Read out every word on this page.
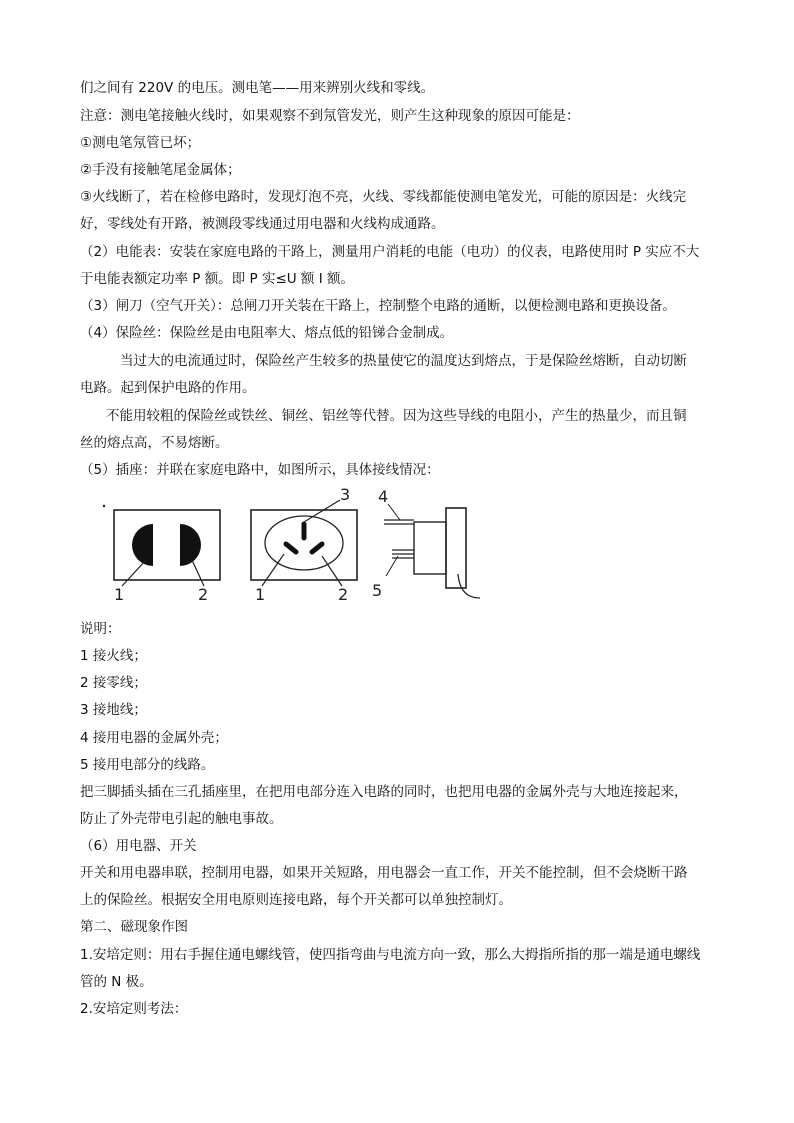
们之间有 220V 的电压。测电笔——用来辨别火线和零线。
注意：测电笔接触火线时，如果观察不到氖管发光，则产生这种现象的原因可能是：
①测电笔氖管已坏；
②手没有接触笔尾金属体；
③火线断了，若在检修电路时，发现灯泡不亮，火线、零线都能使测电笔发光，可能的原因是：火线完
好，零线处有开路，被测段零线通过用电器和火线构成通路。
（2）电能表：安装在家庭电路的干路上，测量用户消耗的电能（电功）的仪表，电路使用时 P 实应不大
于电能表额定功率 P 额。即 P 实≤U 额 I 额。
（3）闸刀（空气开关）：总闸刀开关装在干路上，控制整个电路的通断，以便检测电路和更换设备。
（4）保险丝：保险丝是由电阻率大、熔点低的铅锑合金制成。
当过大的电流通过时，保险丝产生较多的热量使它的温度达到熔点，于是保险丝熔断，自动切断
电路。起到保护电路的作用。
不能用较粗的保险丝或铁丝、铜丝、铝丝等代替。因为这些导线的电阻小，产生的热量少，而且铜
丝的熔点高，不易熔断。
（5）插座：并联在家庭电路中，如图所示，具体接线情况：
1	2
3
1	2
4
5
说明：
1 接火线；
2 接零线；
3 接地线；
4 接用电器的金属外壳；
5 接用电部分的线路。
把三脚插头插在三孔插座里，在把用电部分连入电路的同时，也把用电器的金属外壳与大地连接起来，
防止了外壳带电引起的触电事故。
（6）用电器、开关
开关和用电器串联，控制用电器，如果开关短路，用电器会一直工作，开关不能控制，但不会烧断干路
上的保险丝。根据安全用电原则连接电路，每个开关都可以单独控制灯。
第二、磁现象作图
1.安培定则：用右手握住通电螺线管，使四指弯曲与电流方向一致，那么大拇指所指的那一端是通电螺线
管的 N 极。
2.安培定则考法：
